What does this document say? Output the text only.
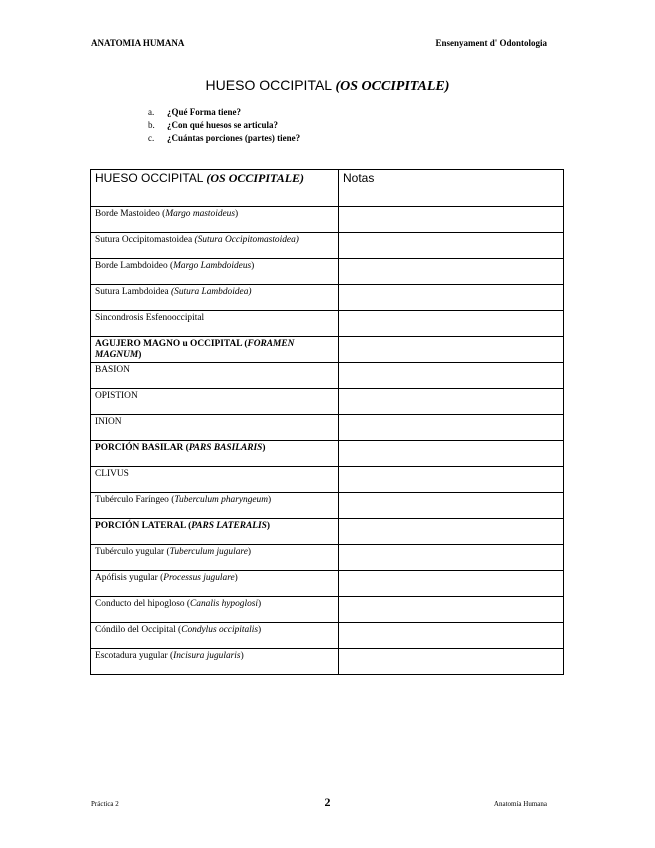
ANATOMIA HUMANA	Ensenyament d' Odontologia
HUESO OCCIPITAL (OS OCCIPITALE)
a.	¿Qué Forma tiene?
b.	¿Con qué huesos se articula?
c.	¿Cuántas porciones (partes) tiene?
HUESO OCCIPITAL (OS OCCIPITALE)	Notas
Borde Mastoideo (Margo mastoideus)	
Sutura Occipitomastoidea (Sutura Occipitomastoidea)	
Borde Lambdoideo (Margo Lambdoideus)	
Sutura Lambdoidea (Sutura Lambdoidea)	
Sincondrosis Esfenooccipital	
AGUJERO MAGNO u OCCIPITAL (FORAMEN MAGNUM)	
BASION	
OPISTION	
INION	
PORCIÓN BASILAR (PARS BASILARIS)	
CLIVUS	
Tubérculo Faríngeo (Tuberculum pharyngeum)	
PORCIÓN LATERAL (PARS LATERALIS)	
Tubérculo yugular (Tuberculum jugulare)	
Apófisis yugular (Processus jugulare)	
Conducto del hipogloso (Canalis hypoglosi)	
Cóndilo del Occipital (Condylus occipitalis)	
Escotadura yugular (Incisura jugularis)	
Práctica 2	2	Anatomía Humana
